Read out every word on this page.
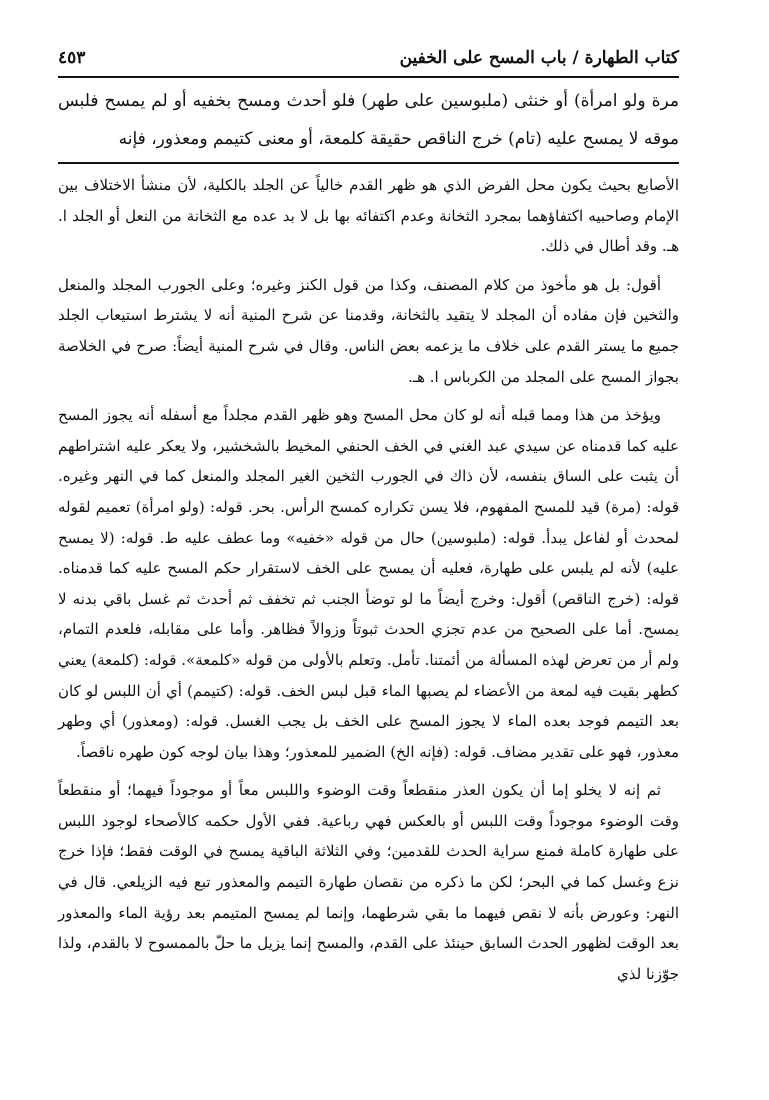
كتاب الطهارة / باب المسح على الخفين
٤٥٣

مرة ولو امرأة) أو خنثى (ملبوسين على طهر) فلو أحدث ومسح بخفيه أو لم يمسح فلبس موقه لا يمسح عليه (تام) خرج الناقص حقيقة كلمعة، أو معنى كتيمم ومعذور، فإنه

الأصابع بحيث يكون محل الفرض الذي هو ظهر القدم خالياً عن الجلد بالكلية، لأن منشأ الاختلاف بين الإمام وصاحبيه اكتفاؤهما بمجرد الثخانة وعدم اكتفائه بها بل لا بد عده مع الثخانة من النعل أو الجلد ا. هـ. وقد أطال في ذلك.

أقول: بل هو مأخوذ من كلام المصنف، وكذا من قول الكنز وغيره؛ وعلى الجورب المجلد والمنعل والثخين فإن مفاده أن المجلد لا يتقيد بالثخانة، وقدمنا عن شرح المنية أنه لا يشترط استيعاب الجلد جميع ما يستر القدم على خلاف ما يزعمه بعض الناس. وقال في شرح المنية أيضاً: صرح في الخلاصة بجواز المسح على المجلد من الكرباس ا. هـ.

ويؤخذ من هذا ومما قبله أنه لو كان محل المسح وهو ظهر القدم مجلداً مع أسفله أنه يجوز المسح عليه كما قدمناه عن سيدي عبد الغني في الخف الحنفي المخيط بالشخشير، ولا يعكر عليه اشتراطهم أن يثبت على الساق بنفسه، لأن ذاك في الجورب الثخين الغير المجلد والمنعل كما في النهر وغيره. قوله: (مرة) قيد للمسح المفهوم، فلا يسن تكراره كمسح الرأس. بحر. قوله: (ولو امرأة) تعميم لقوله لمحدث أو لفاعل يبدأ. قوله: (ملبوسين) حال من قوله «خفيه» وما عطف عليه ط. قوله: (لا يمسح عليه) لأنه لم يلبس على طهارة، فعليه أن يمسح على الخف لاستقرار حكم المسح عليه كما قدمناه. قوله: (خرج الناقص) أقول: وخرج أيضاً ما لو توضأ الجنب ثم تخفف ثم أحدث ثم غسل باقي بدنه لا يمسح. أما على الصحيح من عدم تجزي الحدث ثبوتاً وزوالاً فظاهر. وأما على مقابله، فلعدم التمام، ولم أر من تعرض لهذه المسألة من أئمتنا. تأمل. وتعلم بالأولى من قوله «كلمعة». قوله: (كلمعة) يعني كطهر بقيت فيه لمعة من الأعضاء لم يصبها الماء قبل لبس الخف. قوله: (كتيمم) أي أن اللبس لو كان بعد التيمم فوجد بعده الماء لا يجوز المسح على الخف بل يجب الغسل. قوله: (ومعذور) أي وطهر معذور، فهو على تقدير مضاف. قوله: (فإنه الخ) الضمير للمعذور؛ وهذا بيان لوجه كون طهره ناقصاً.

ثم إنه لا يخلو إما أن يكون العذر منقطعاً وقت الوضوء واللبس معاً أو موجوداً فيهما؛ أو منقطعاً وقت الوضوء موجوداً وقت اللبس أو بالعكس فهي رباعية. ففي الأول حكمه كالأصحاء لوجود اللبس على طهارة كاملة فمنع سراية الحدث للقدمين؛ وفي الثلاثة الباقية يمسح في الوقت فقط؛ فإذا خرج نزع وغسل كما في البحر؛ لكن ما ذكره من نقصان طهارة التيمم والمعذور تبع فيه الزيلعي. قال في النهر: وعورض بأنه لا نقص فيهما ما بقي شرطهما، وإنما لم يمسح المتيمم بعد رؤية الماء والمعذور بعد الوقت لظهور الحدث السابق حينئذ على القدم، والمسح إنما يزيل ما حلّ بالممسوح لا بالقدم، ولذا جوّزنا لذي
